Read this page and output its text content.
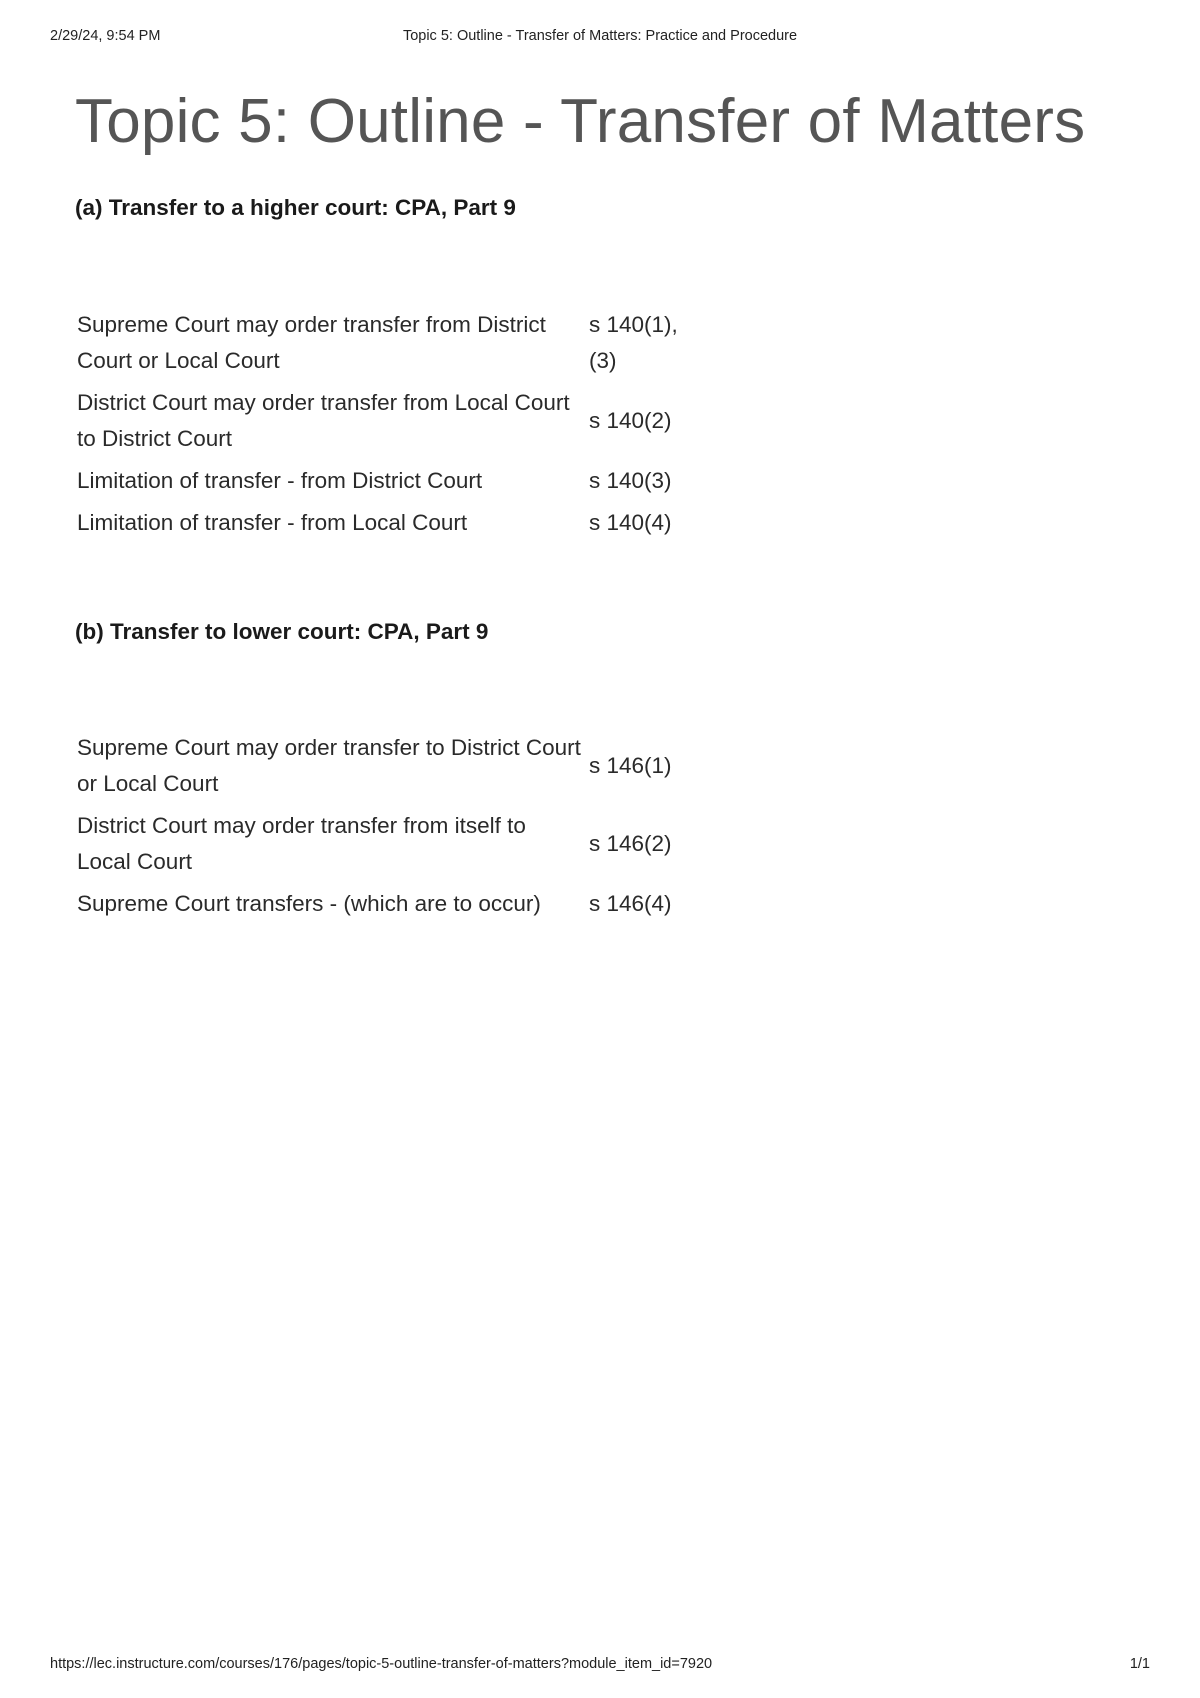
Topic 5: Outline - Transfer of Matters: Practice and Procedure
2/29/24, 9:54 PM
Topic 5: Outline - Transfer of Matters
(a) Transfer to a higher court: CPA, Part 9
Supreme Court may order transfer from District Court or Local Court	s 140(1), (3)
District Court may order transfer from Local Court to District Court	s 140(2)
Limitation of transfer - from District Court	s 140(3)
Limitation of transfer - from Local Court	s 140(4)
(b) Transfer to lower court: CPA, Part 9
Supreme Court may order transfer to District Court or Local Court	s 146(1)
District Court may order transfer from itself to Local Court	s 146(2)
Supreme Court transfers - (which are to occur)	s 146(4)
https://lec.instructure.com/courses/176/pages/topic-5-outline-transfer-of-matters?module_item_id=7920	1/1
